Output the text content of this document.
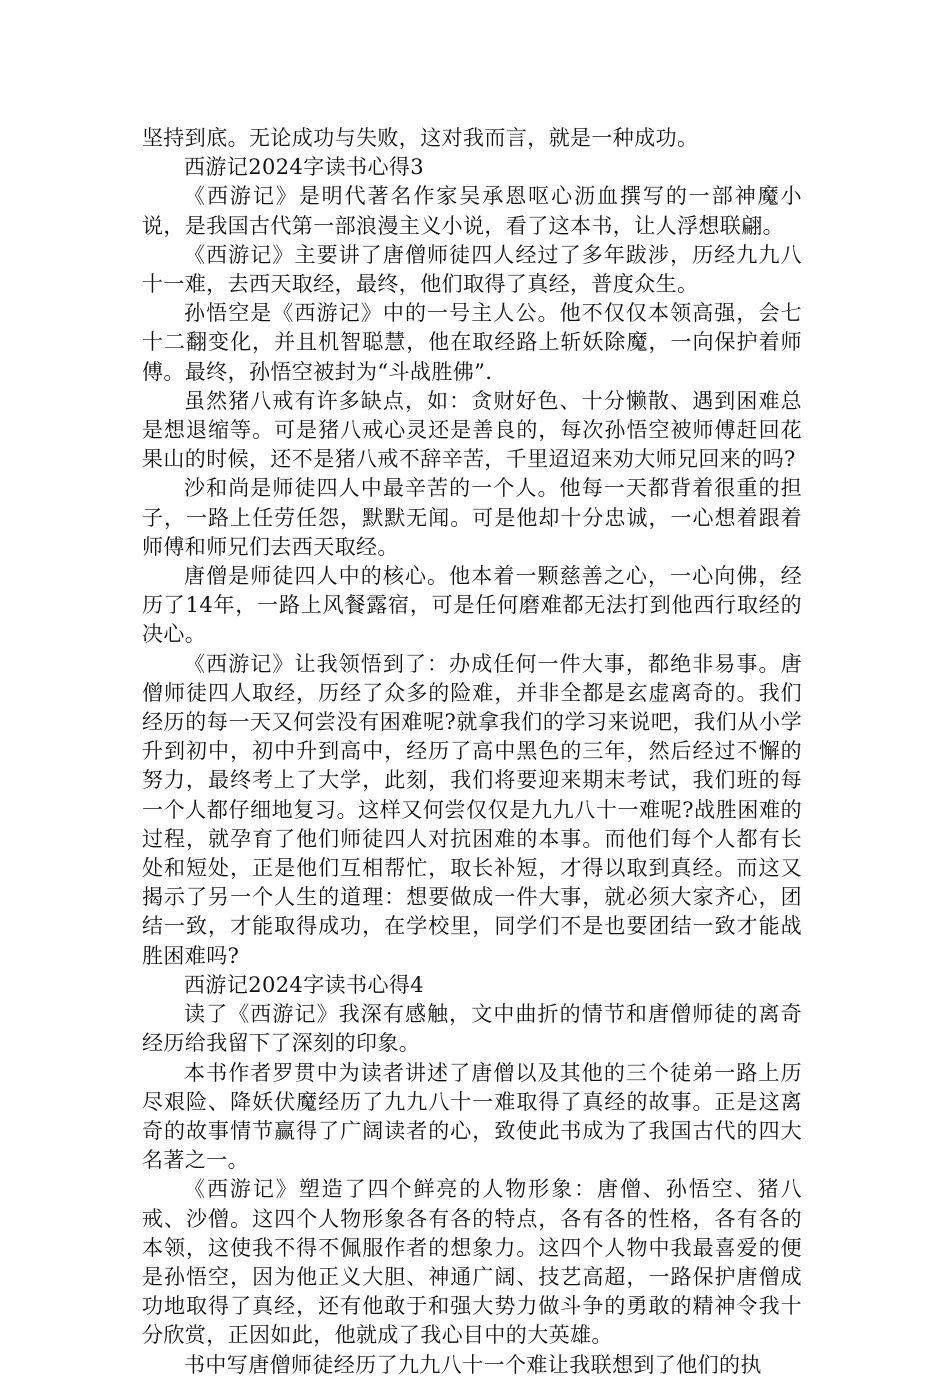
坚持到底。无论成功与失败，这对我而言，就是一种成功。

西游记2024字读书心得3

《西游记》是明代著名作家吴承恩呕心沥血撰写的一部神魔小说，是我国古代第一部浪漫主义小说，看了这本书，让人浮想联翩。

《西游记》主要讲了唐僧师徒四人经过了多年跋涉，历经九九八十一难，去西天取经，最终，他们取得了真经，普度众生。

孙悟空是《西游记》中的一号主人公。他不仅仅本领高强，会七十二翻变化，并且机智聪慧，他在取经路上斩妖除魔，一向保护着师傅。最终，孙悟空被封为“斗战胜佛”.

虽然猪八戒有许多缺点，如：贪财好色、十分懒散、遇到困难总是想退缩等。可是猪八戒心灵还是善良的，每次孙悟空被师傅赶回花果山的时候，还不是猪八戒不辞辛苦，千里迢迢来劝大师兄回来的吗?

沙和尚是师徒四人中最辛苦的一个人。他每一天都背着很重的担子，一路上任劳任怨，默默无闻。可是他却十分忠诚，一心想着跟着师傅和师兄们去西天取经。

唐僧是师徒四人中的核心。他本着一颗慈善之心，一心向佛，经历了14年，一路上风餐露宿，可是任何磨难都无法打到他西行取经的决心。

《西游记》让我领悟到了：办成任何一件大事，都绝非易事。唐僧师徒四人取经，历经了众多的险难，并非全都是玄虚离奇的。我们经历的每一天又何尝没有困难呢?就拿我们的学习来说吧，我们从小学升到初中，初中升到高中，经历了高中黑色的三年，然后经过不懈的努力，最终考上了大学，此刻，我们将要迎来期末考试，我们班的每一个人都仔细地复习。这样又何尝仅仅是九九八十一难呢?战胜困难的过程，就孕育了他们师徒四人对抗困难的本事。而他们每个人都有长处和短处，正是他们互相帮忙，取长补短，才得以取到真经。而这又揭示了另一个人生的道理：想要做成一件大事，就必须大家齐心，团结一致，才能取得成功，在学校里，同学们不是也要团结一致才能战胜困难吗?

西游记2024字读书心得4

读了《西游记》我深有感触，文中曲折的情节和唐僧师徒的离奇经历给我留下了深刻的印象。

本书作者罗贯中为读者讲述了唐僧以及其他的三个徒弟一路上历尽艰险、降妖伏魔经历了九九八十一难取得了真经的故事。正是这离奇的故事情节赢得了广阔读者的心，致使此书成为了我国古代的四大名著之一。

《西游记》塑造了四个鲜亮的人物形象：唐僧、孙悟空、猪八戒、沙僧。这四个人物形象各有各的特点，各有各的性格，各有各的本领，这使我不得不佩服作者的想象力。这四个人物中我最喜爱的便是孙悟空，因为他正义大胆、神通广阔、技艺高超，一路保护唐僧成功地取得了真经，还有他敢于和强大势力做斗争的勇敢的精神令我十分欣赏，正因如此，他就成了我心目中的大英雄。

书中写唐僧师徒经历了九九八十一个难让我联想到了他们的执
